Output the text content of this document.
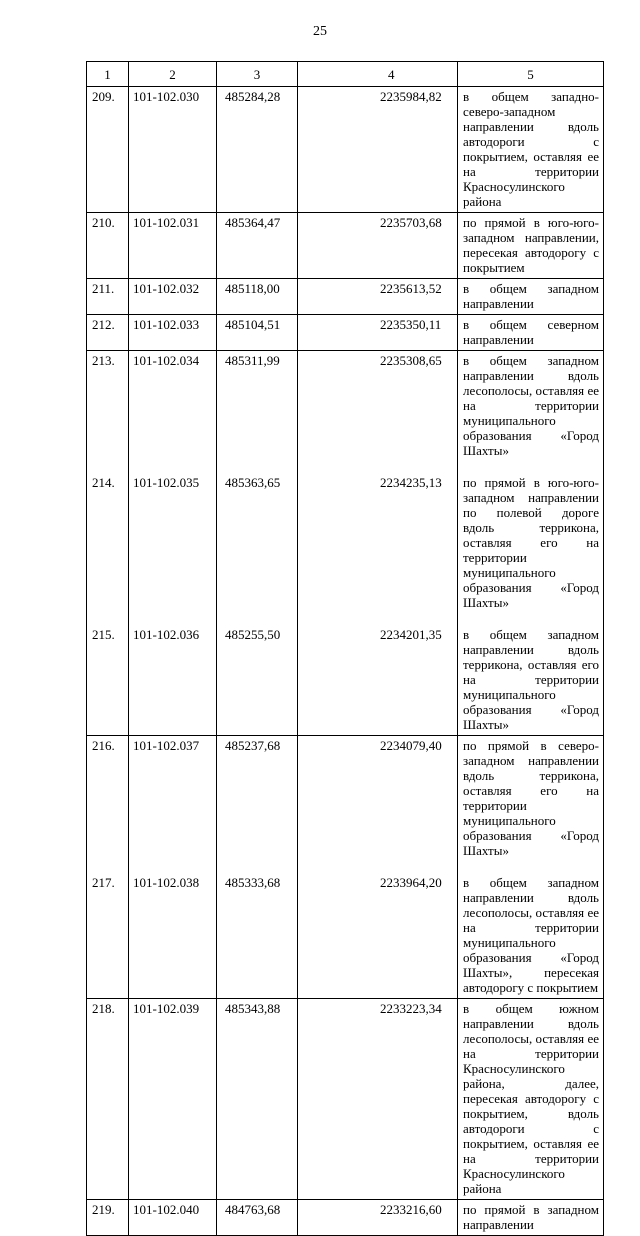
25
1	2	3	4	5
209.	101-102.030	485284,28	2235984,82	в общем западно-северо-западном направлении вдоль автодороги с покрытием, оставляя ее на территории Красносулинского района
210.	101-102.031	485364,47	2235703,68	по прямой в юго-юго-западном направлении, пересекая автодорогу с покрытием
211.	101-102.032	485118,00	2235613,52	в общем западном направлении
212.	101-102.033	485104,51	2235350,11	в общем северном направлении
213.	101-102.034	485311,99	2235308,65	в общем западном направлении вдоль лесополосы, оставляя ее на территории муниципального образования «Город Шахты»
214.	101-102.035	485363,65	2234235,13	по прямой в юго-юго-западном направлении по полевой дороге вдоль террикона, оставляя его на территории муниципального образования «Город Шахты»
215.	101-102.036	485255,50	2234201,35	в общем западном направлении вдоль террикона, оставляя его на территории муниципального образования «Город Шахты»
216.	101-102.037	485237,68	2234079,40	по прямой в северо-западном направлении вдоль террикона, оставляя его на территории муниципального образования «Город Шахты»
217.	101-102.038	485333,68	2233964,20	в общем западном направлении вдоль лесополосы, оставляя ее на территории муниципального образования «Город Шахты», пересекая автодорогу с покрытием
218.	101-102.039	485343,88	2233223,34	в общем южном направлении вдоль лесополосы, оставляя ее на территории Красносулинского района, далее, пересекая автодорогу с покрытием, вдоль автодороги с покрытием, оставляя ее на территории Красносулинского района
219.	101-102.040	484763,68	2233216,60	по прямой в западном направлении
